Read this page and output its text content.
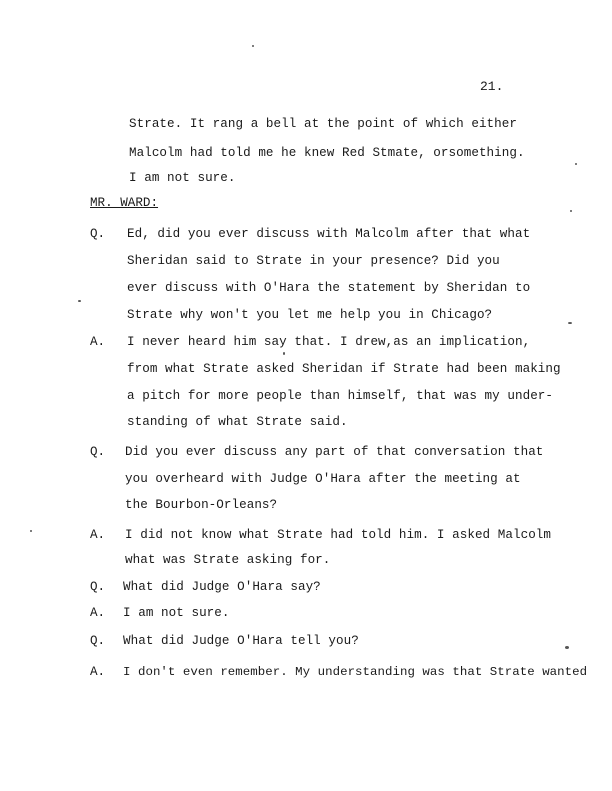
21.
Strate. It rang a bell at the point of which either
Malcolm had told me he knew Red Stmate, orsomething.
I am not sure.
MR. WARD:
Q. Ed, did you ever discuss with Malcolm after that what
Sheridan said to Strate in your presence? Did you
ever discuss with O'Hara the statement by Sheridan to
Strate why won't you let me help you in Chicago?
A. I never heard him say that. I drew,as an implication,
from what Strate asked Sheridan if Strate had been making
a pitch for more people than himself, that was my under-
standing of what Strate said.
Q. Did you ever discuss any part of that conversation that
you overheard with Judge O'Hara after the meeting at
the Bourbon-Orleans?
A. I did not know what Strate had told him. I asked Malcolm
what was Strate asking for.
Q. What did Judge O'Hara say?
A. I am not sure.
Q. What did Judge O'Hara tell you?
A. I don't even remember. My understanding was that Strate wanted
